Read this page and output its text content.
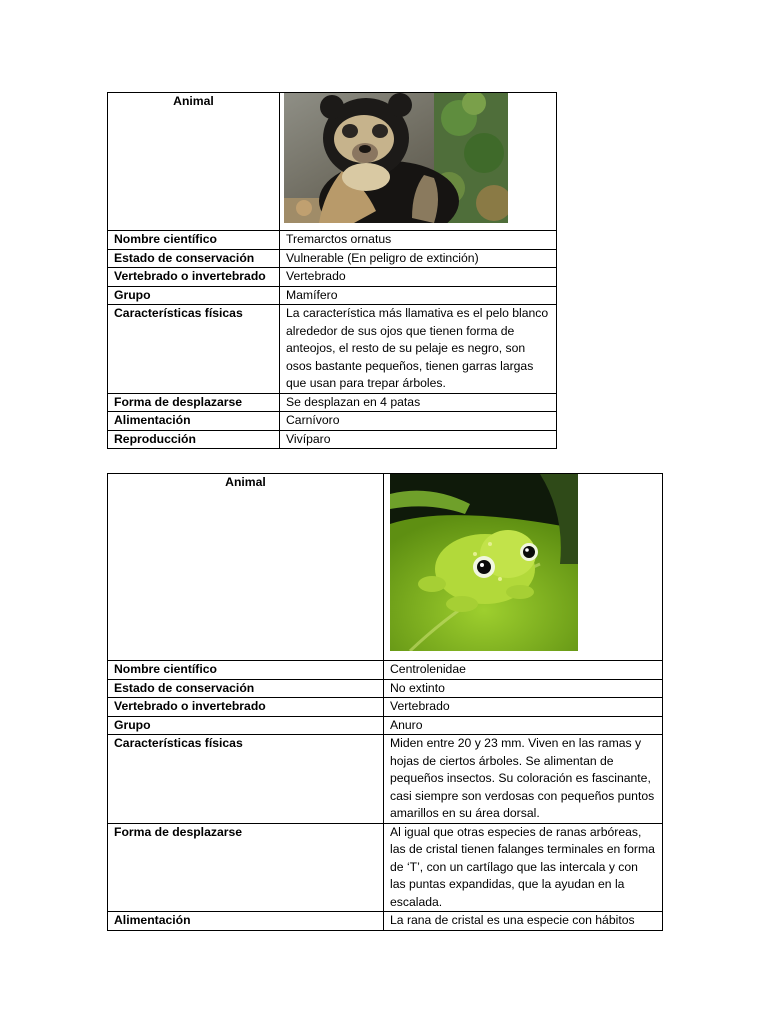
Animal	

Nombre científico	Tremarctos ornatus
Estado de conservación	Vulnerable (En peligro de extinción)
Vertebrado o invertebrado	Vertebrado
Grupo	Mamífero
Características físicas	La característica más llamativa es el pelo blanco alrededor de sus ojos que tienen forma de anteojos, el resto de su pelaje es negro, son osos bastante pequeños, tienen garras largas que usan para trepar árboles.
Forma de desplazarse	Se desplazan en 4 patas
Alimentación	Carnívoro
Reproducción	Vivíparo
Animal	

Nombre científico	Centrolenidae
Estado de conservación	No extinto
Vertebrado o invertebrado	Vertebrado
Grupo	Anuro
Características físicas	Miden entre 20 y 23 mm. Viven en las ramas y hojas de ciertos árboles. Se alimentan de pequeños insectos. Su coloración es fascinante, casi siempre son verdosas con pequeños puntos amarillos en su área dorsal.
Forma de desplazarse	Al igual que otras especies de ranas arbóreas, las de cristal tienen falanges terminales en forma de ‘T’, con un cartílago que las intercala y con las puntas expandidas, que la ayudan en la escalada.
Alimentación	La rana de cristal es una especie con hábitos
